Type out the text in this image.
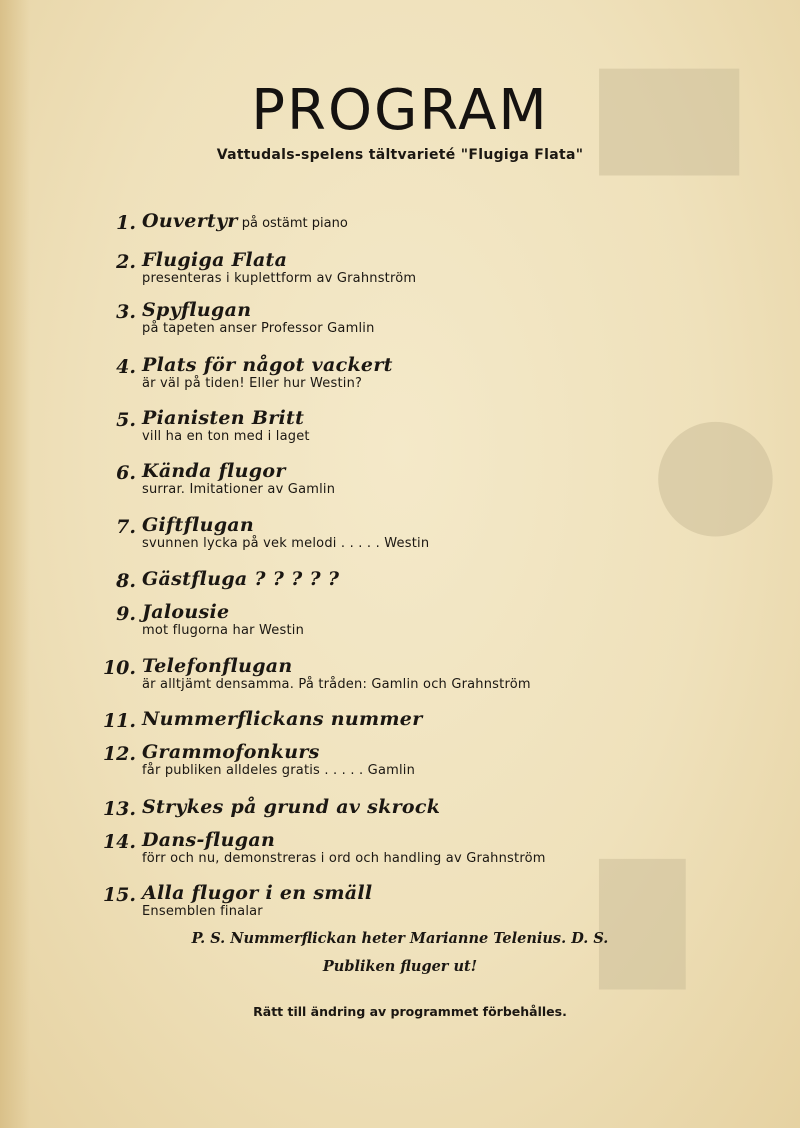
██
●
█
PROGRAM
Vattudals-spelens tältvarieté "Flugiga Flata"
1. Ouvertyr på ostämt piano
2. Flugiga Flata
presenteras i kuplettform av Grahnström
3. Spyflugan
på tapeten anser Professor Gamlin
4. Plats för något vackert
är väl på tiden! Eller hur Westin?
5. Pianisten Britt
vill ha en ton med i laget
6. Kända flugor
surrar. Imitationer av Gamlin
7. Giftflugan
svunnen lycka på vek melodi . . . . . Westin
8. Gästfluga ? ? ? ? ?
9. Jalousie
mot flugorna har Westin
10. Telefonflugan
är alltjämt densamma. På tråden: Gamlin och Grahnström
11. Nummerflickans nummer
12. Grammofonkurs
får publiken alldeles gratis . . . . . Gamlin
13. Strykes på grund av skrock
14. Dans-flugan
förr och nu, demonstreras i ord och handling av Grahnström
15. Alla flugor i en smäll
Ensemblen finalar
P. S. Nummerflickan heter Marianne Telenius. D. S.
Publiken fluger ut!
Rätt till ändring av programmet förbehålles.
